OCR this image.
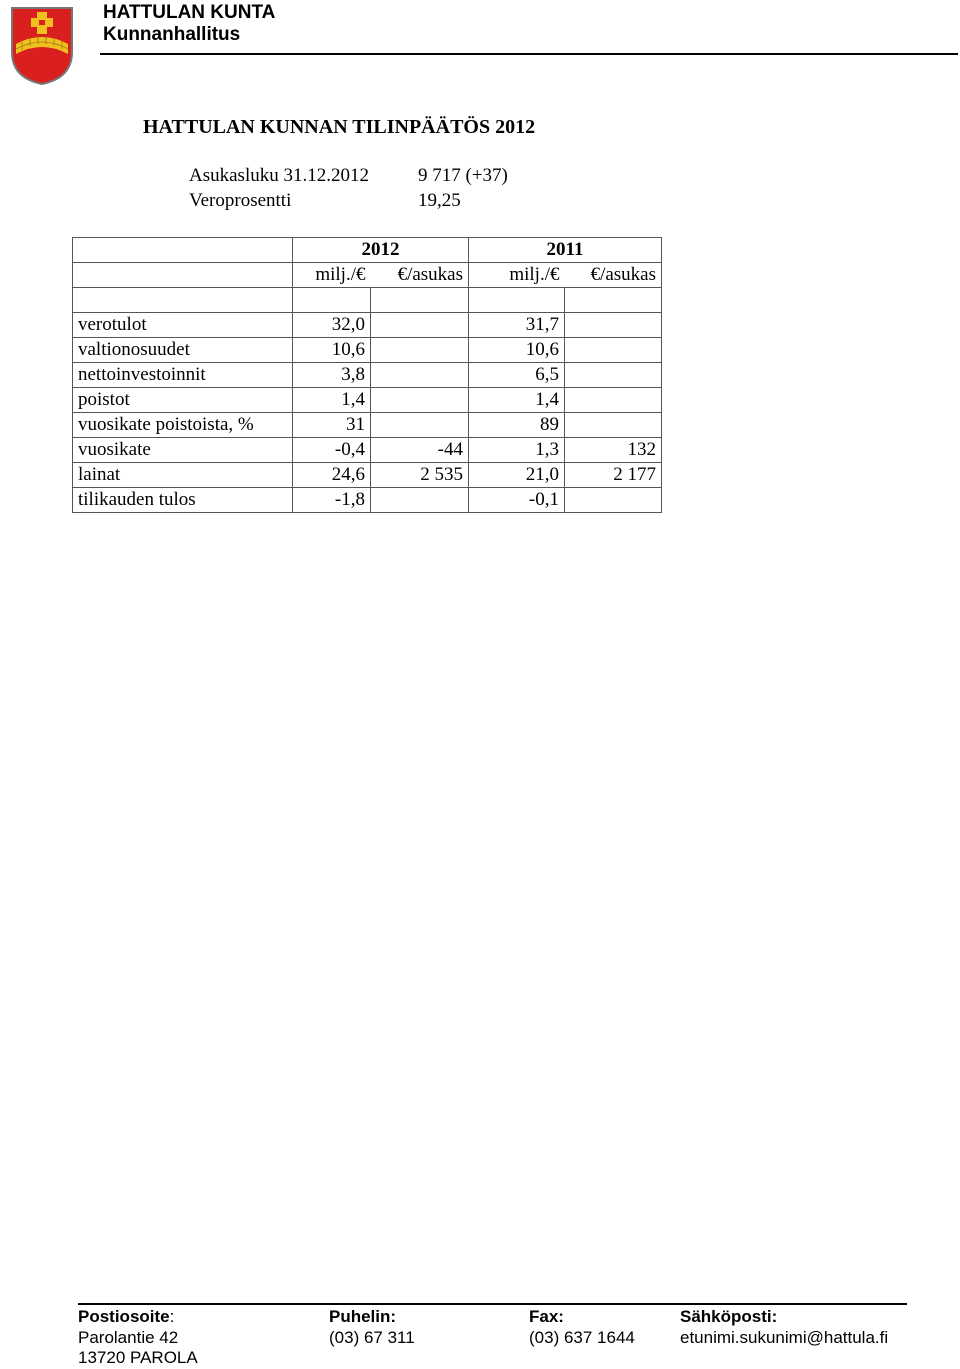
HATTULAN KUNTA
Kunnanhallitus
HATTULAN KUNNAN TILINPÄÄTÖS 2012
Asukasluku 31.12.2012	9 717 (+37)
Veroprosentti	19,25
	2012		2011	
	milj./€	€/asukas	milj./€	€/asukas

verotulot	32,0		31,7	
valtionosuudet	10,6		10,6	
nettoinvestoinnit	3,8		6,5	
poistot	1,4		1,4	
vuosikate poistoista, %	31		89	
vuosikate	-0,4	-44	1,3	132
lainat	24,6	2 535	21,0	2 177
tilikauden tulos	-1,8		-0,1	
Postiosoite:
Parolantie 42
13720 PAROLA
Puhelin:
(03) 67 311
Fax:
(03) 637 1644
Sähköposti:
etunimi.sukunimi@hattula.fi
